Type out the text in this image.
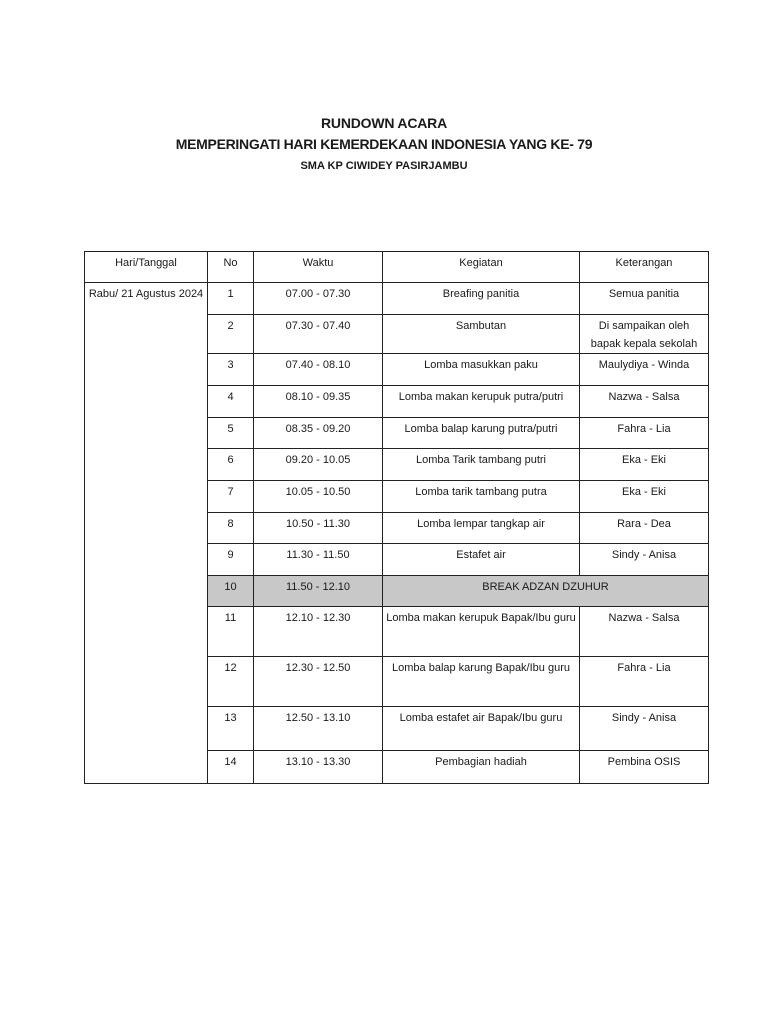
RUNDOWN ACARA
MEMPERINGATI HARI KEMERDEKAAN INDONESIA YANG KE- 79
SMA KP CIWIDEY PASIRJAMBU
Hari/Tanggal	No	Waktu	Kegiatan	Keterangan
Rabu/ 21 Agustus 2024	1	07.00 - 07.30	Breafing panitia	Semua panitia
	2	07.30 - 07.40	Sambutan	Di sampaikan oleh bapak kepala sekolah
	3	07.40 - 08.10	Lomba masukkan paku	Maulydiya - Winda
	4	08.10 - 09.35	Lomba makan kerupuk putra/putri	Nazwa - Salsa
	5	08.35 - 09.20	Lomba balap karung putra/putri	Fahra - Lia
	6	09.20 - 10.05	Lomba Tarik tambang putri	Eka - Eki
	7	10.05 - 10.50	Lomba tarik tambang putra	Eka - Eki
	8	10.50 - 11.30	Lomba lempar tangkap air	Rara - Dea
	9	11.30 - 11.50	Estafet air	Sindy - Anisa
	10	11.50 - 12.10	BREAK ADZAN DZUHUR	
	11	12.10 - 12.30	Lomba makan kerupuk Bapak/Ibu guru	Nazwa - Salsa
	12	12.30 - 12.50	Lomba balap karung Bapak/Ibu guru	Fahra - Lia
	13	12.50 - 13.10	Lomba estafet air Bapak/Ibu guru	Sindy - Anisa
	14	13.10 - 13.30	Pembagian hadiah	Pembina OSIS
